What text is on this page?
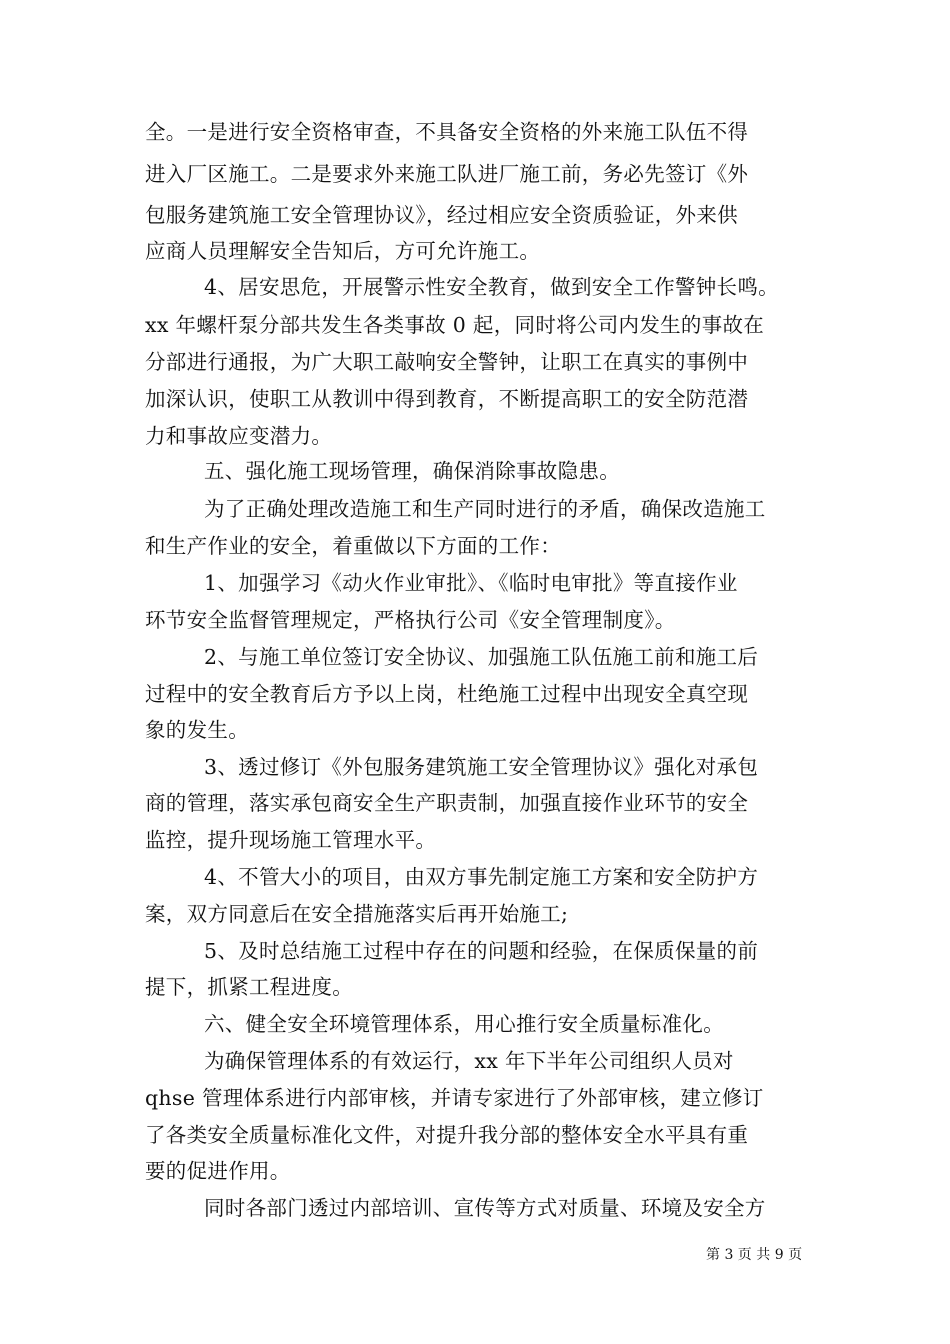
全。一是进行安全资格审查，不具备安全资格的外来施工队伍不得
进入厂区施工。二是要求外来施工队进厂施工前，务必先签订《外
包服务建筑施工安全管理协议》，经过相应安全资质验证，外来供
应商人员理解安全告知后，方可允许施工。
4、居安思危，开展警示性安全教育，做到安全工作警钟长鸣。
xx 年螺杆泵分部共发生各类事故 0 起，同时将公司内发生的事故在
分部进行通报，为广大职工敲响安全警钟，让职工在真实的事例中
加深认识，使职工从教训中得到教育，不断提高职工的安全防范潜
力和事故应变潜力。
五、强化施工现场管理，确保消除事故隐患。
为了正确处理改造施工和生产同时进行的矛盾，确保改造施工
和生产作业的安全，着重做以下方面的工作：
1、加强学习《动火作业审批》、《临时电审批》等直接作业
环节安全监督管理规定，严格执行公司《安全管理制度》。
2、与施工单位签订安全协议、加强施工队伍施工前和施工后
过程中的安全教育后方予以上岗，杜绝施工过程中出现安全真空现
象的发生。
3、透过修订《外包服务建筑施工安全管理协议》强化对承包
商的管理，落实承包商安全生产职责制，加强直接作业环节的安全
监控，提升现场施工管理水平。
4、不管大小的项目，由双方事先制定施工方案和安全防护方
案，双方同意后在安全措施落实后再开始施工;
5、及时总结施工过程中存在的问题和经验，在保质保量的前
提下，抓紧工程进度。
六、健全安全环境管理体系，用心推行安全质量标准化。
为确保管理体系的有效运行，xx 年下半年公司组织人员对
qhse 管理体系进行内部审核，并请专家进行了外部审核，建立修订
了各类安全质量标准化文件，对提升我分部的整体安全水平具有重
要的促进作用。
同时各部门透过内部培训、宣传等方式对质量、环境及安全方
第 3 页 共 9 页
